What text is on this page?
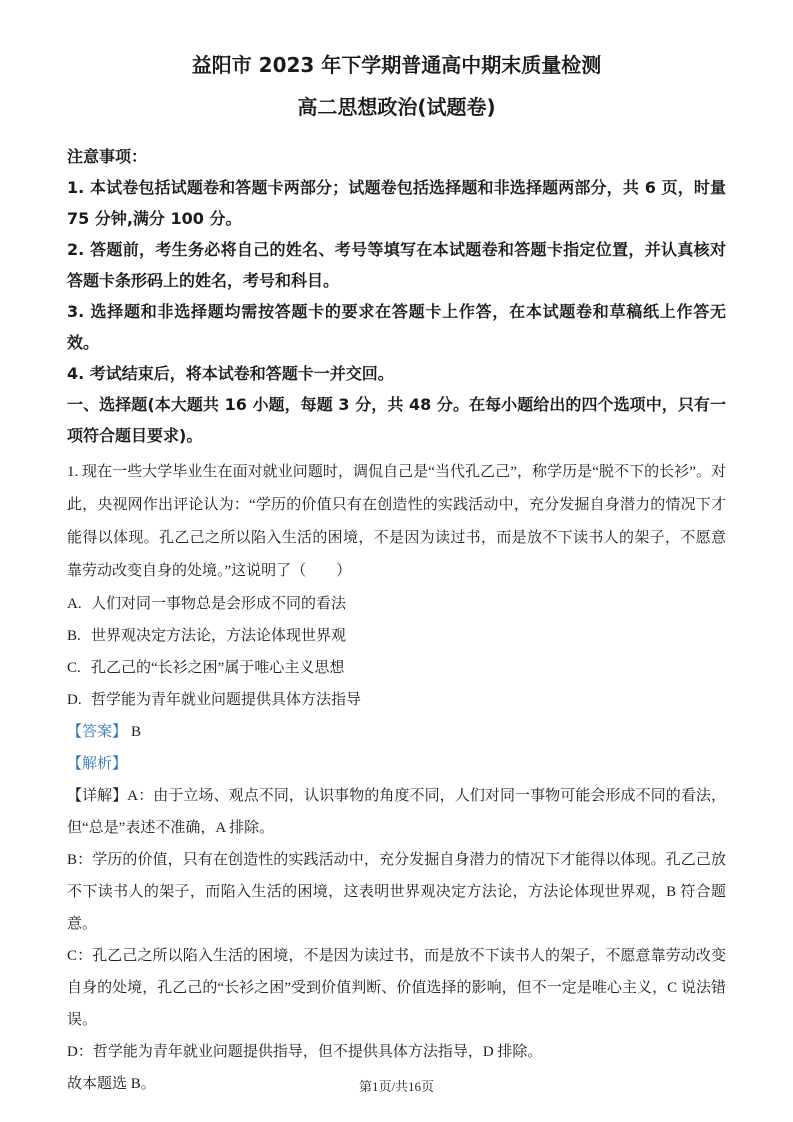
益阳市 2023 年下学期普通高中期末质量检测
高二思想政治(试题卷)

注意事项：

1. 本试卷包括试题卷和答题卡两部分；试题卷包括选择题和非选择题两部分，共 6 页，时量 75 分钟,满分 100 分。

2. 答题前，考生务必将自己的姓名、考号等填写在本试题卷和答题卡指定位置，并认真核对答题卡条形码上的姓名，考号和科目。

3. 选择题和非选择题均需按答题卡的要求在答题卡上作答，在本试题卷和草稿纸上作答无效。

4. 考试结束后，将本试卷和答题卡一并交回。

一、选择题(本大题共 16 小题，每题 3 分，共 48 分。在每小题给出的四个选项中，只有一项符合题目要求)。

1. 现在一些大学毕业生在面对就业问题时，调侃自己是“当代孔乙己”，称学历是“脱不下的长衫”。对此，央视网作出评论认为：“学历的价值只有在创造性的实践活动中，充分发掘自身潜力的情况下才能得以体现。孔乙己之所以陷入生活的困境，不是因为读过书，而是放不下读书人的架子，不愿意靠劳动改变自身的处境。”这说明了（　　）

A. 人们对同一事物总是会形成不同的看法

B. 世界观决定方法论，方法论体现世界观

C. 孔乙己的“长衫之困”属于唯心主义思想

D. 哲学能为青年就业问题提供具体方法指导

【答案】 B

【解析】

【详解】A：由于立场、观点不同，认识事物的角度不同，人们对同一事物可能会形成不同的看法，但“总是”表述不准确，A 排除。

B：学历的价值，只有在创造性的实践活动中，充分发掘自身潜力的情况下才能得以体现。孔乙己放不下读书人的架子，而陷入生活的困境，这表明世界观决定方法论，方法论体现世界观，B 符合题意。

C：孔乙己之所以陷入生活的困境，不是因为读过书，而是放不下读书人的架子，不愿意靠劳动改变自身的处境，孔乙己的“长衫之困”受到价值判断、价值选择的影响，但不一定是唯心主义，C 说法错误。

D：哲学能为青年就业问题提供指导，但不提供具体方法指导，D 排除。

故本题选 B。	第1页/共16页
